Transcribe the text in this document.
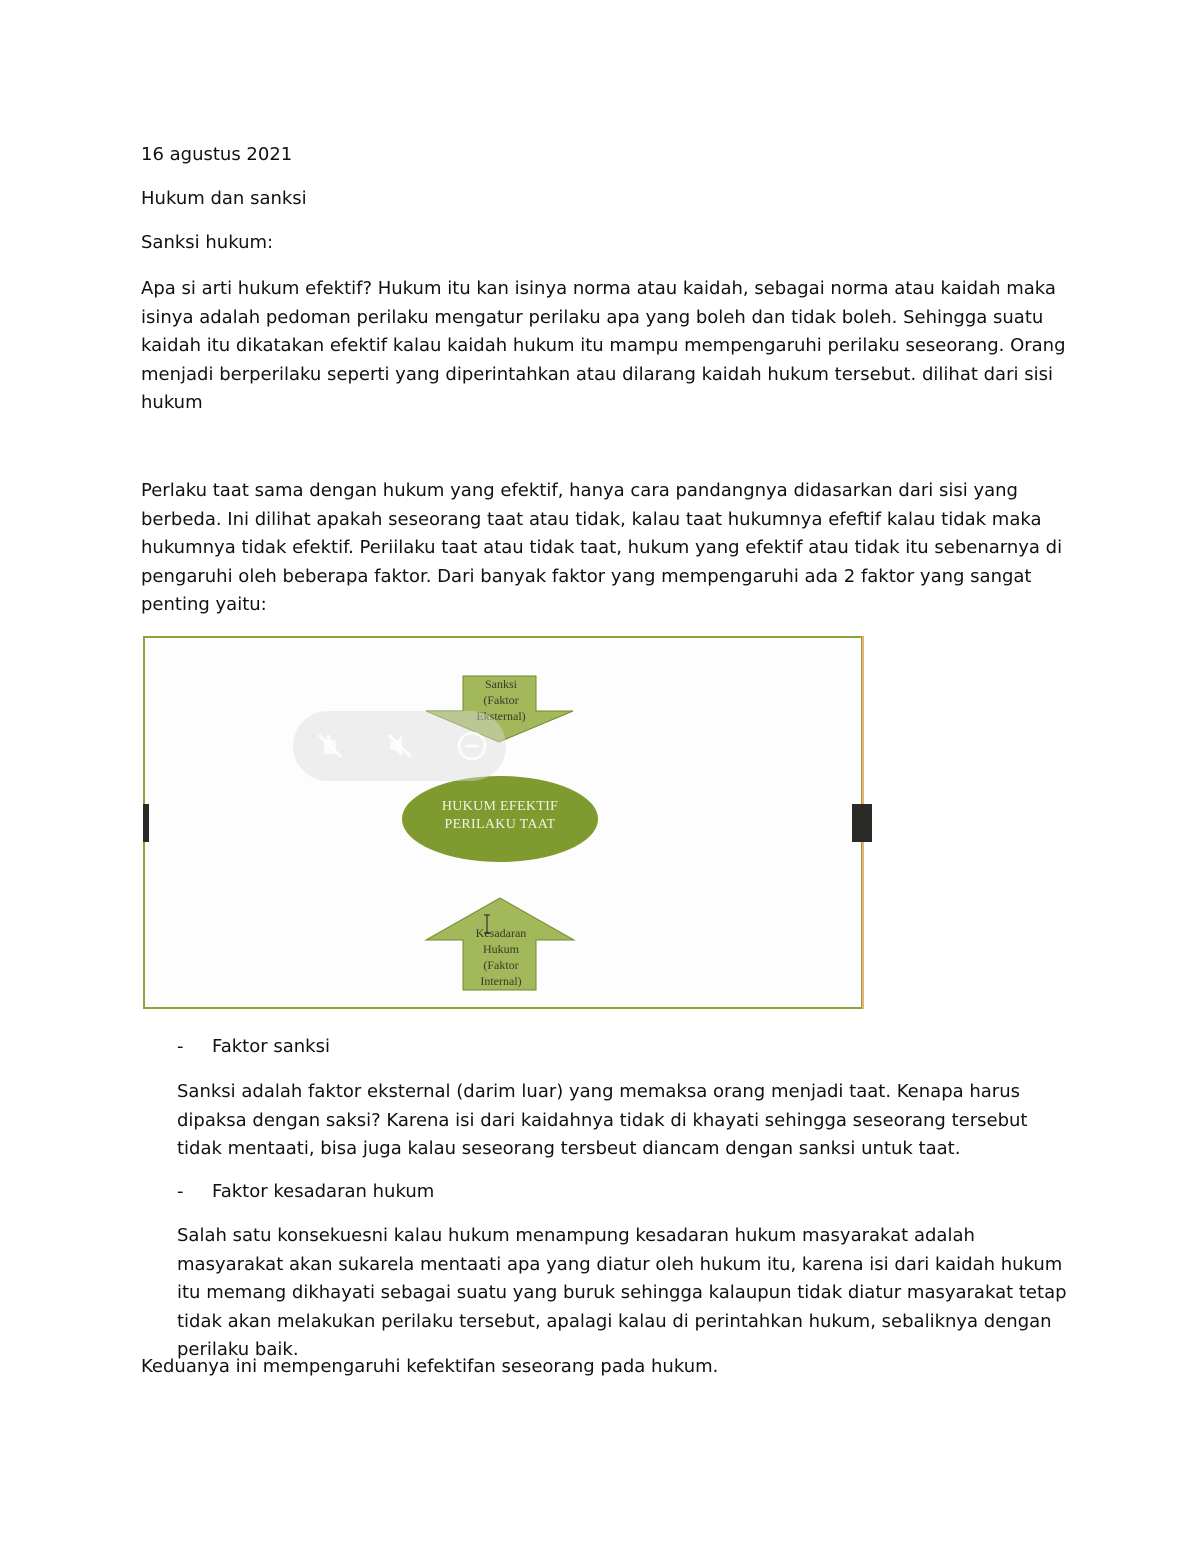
16 agustus 2021

Hukum dan sanksi

Sanksi hukum:

Apa si arti hukum efektif? Hukum itu kan isinya norma atau kaidah, sebagai norma atau kaidah maka isinya adalah pedoman perilaku mengatur perilaku apa yang boleh dan tidak boleh. Sehingga suatu kaidah itu dikatakan efektif kalau kaidah hukum itu mampu mempengaruhi perilaku seseorang. Orang menjadi berperilaku seperti yang diperintahkan atau dilarang kaidah hukum tersebut. dilihat dari sisi hukum

Perlaku taat sama dengan hukum yang efektif, hanya cara pandangnya didasarkan dari sisi yang berbeda. Ini dilihat apakah seseorang taat atau tidak, kalau taat hukumnya efeftif kalau tidak maka hukumnya tidak efektif. Periilaku taat atau tidak taat, hukum yang efektif atau tidak itu sebenarnya di pengaruhi oleh beberapa faktor. Dari banyak faktor yang mempengaruhi ada 2 faktor yang sangat penting yaitu:

Sanksi
(Faktor
Eksternal)
HUKUM EFEKTIF
PERILAKU TAAT
Kesadaran
Hukum
(Faktor
Internal)
- Faktor sanksi

Sanksi adalah faktor eksternal (darim luar) yang memaksa orang menjadi taat. Kenapa harus dipaksa dengan saksi? Karena isi dari kaidahnya tidak di khayati sehingga seseorang tersebut tidak mentaati, bisa juga kalau seseorang tersbeut diancam dengan sanksi untuk taat.

- Faktor kesadaran hukum

Salah satu konsekuesni kalau hukum menampung kesadaran hukum masyarakat adalah masyarakat akan sukarela mentaati apa yang diatur oleh hukum itu, karena isi dari kaidah hukum itu memang dikhayati sebagai suatu yang buruk sehingga kalaupun tidak diatur masyarakat tetap tidak akan melakukan perilaku tersebut, apalagi kalau di perintahkan hukum, sebaliknya dengan perilaku baik.

Keduanya ini mempengaruhi kefektifan seseorang pada hukum.
